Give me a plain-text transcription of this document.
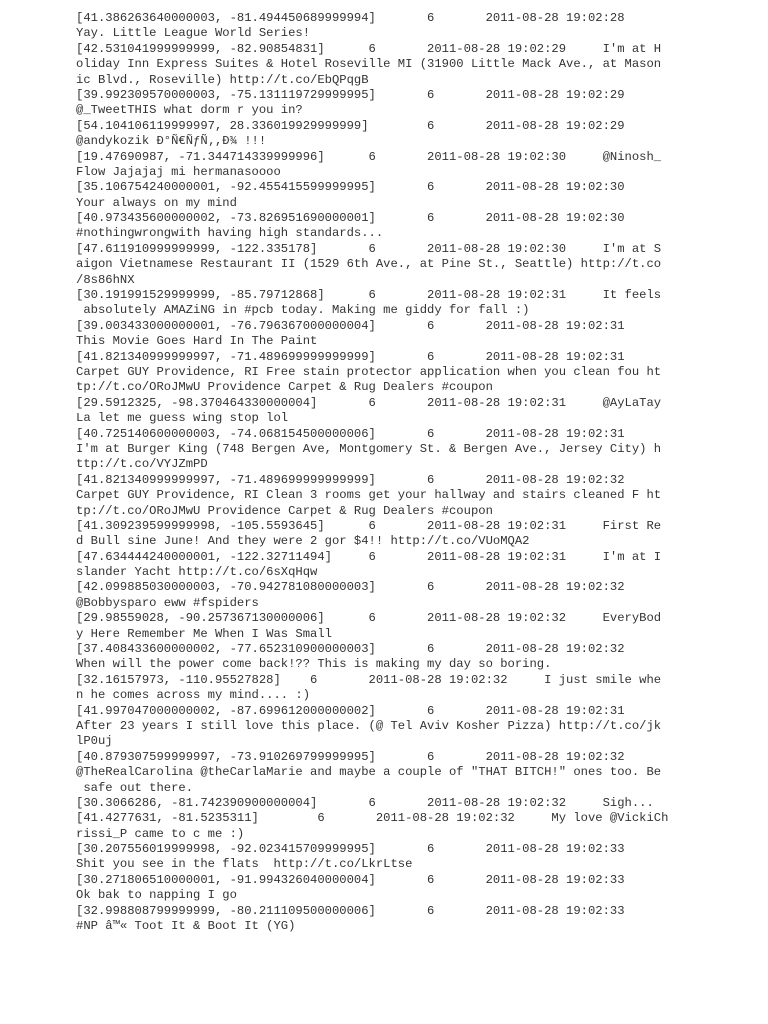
[41.386263640000003, -81.494450689999994]       6       2011-08-28 19:02:28
Yay. Little League World Series!
[42.531041999999999, -82.90854831]      6       2011-08-28 19:02:29     I'm at H
oliday Inn Express Suites & Hotel Roseville MI (31900 Little Mack Ave., at Mason
ic Blvd., Roseville) http://t.co/EbQPqgB
[39.992309570000003, -75.131119729999995]       6       2011-08-28 19:02:29
@_TweetTHIS what dorm r you in?
[54.104106119999997, 28.336019929999999]        6       2011-08-28 19:02:29
@andykozik Ð°Ñ€ÑƒÑ‚,Ð¾ !!!
[19.47690987, -71.344714339999996]      6       2011-08-28 19:02:30     @Ninosh_
Flow Jajajaj mi hermanasoooo
[35.106754240000001, -92.455415599999995]       6       2011-08-28 19:02:30
Your always on my mind
[40.973435600000002, -73.826951690000001]       6       2011-08-28 19:02:30
#nothingwrongwith having high standards...
[47.611910999999999, -122.335178]       6       2011-08-28 19:02:30     I'm at S
aigon Vietnamese Restaurant II (1529 6th Ave., at Pine St., Seattle) http://t.co
/8s86hNX
[30.191991529999999, -85.79712868]      6       2011-08-28 19:02:31     It feels
absolutely AMAZiNG in #pcb today. Making me giddy for fall :)
[39.003433000000001, -76.796367000000004]       6       2011-08-28 19:02:31
This Movie Goes Hard In The Paint
[41.821340999999997, -71.489699999999999]       6       2011-08-28 19:02:31
Carpet GUY Providence, RI Free stain protector application when you clean fou ht
tp://t.co/ORoJMwU Providence Carpet & Rug Dealers #coupon
[29.5912325, -98.370464330000004]       6       2011-08-28 19:02:31     @AyLaTay
La let me guess wing stop lol
[40.725140600000003, -74.068154500000006]       6       2011-08-28 19:02:31
I'm at Burger King (748 Bergen Ave, Montgomery St. & Bergen Ave., Jersey City) h
ttp://t.co/VYJZmPD
[41.821340999999997, -71.489699999999999]       6       2011-08-28 19:02:32
Carpet GUY Providence, RI Clean 3 rooms get your hallway and stairs cleaned F ht
tp://t.co/ORoJMwU Providence Carpet & Rug Dealers #coupon
[41.309239599999998, -105.5593645]      6       2011-08-28 19:02:31     First Re
d Bull sine June! And they were 2 gor $4!! http://t.co/VUoMQA2
[47.634444240000001, -122.32711494]     6       2011-08-28 19:02:31     I'm at I
slander Yacht http://t.co/6sXqHqw
[42.099885030000003, -70.942781080000003]       6       2011-08-28 19:02:32
@Bobbysparo eww #fspiders
[29.98559028, -90.257367130000006]      6       2011-08-28 19:02:32     EveryBod
y Here Remember Me When I Was Small
[37.408433600000002, -77.652310900000003]       6       2011-08-28 19:02:32
When will the power come back!?? This is making my day so boring.
[32.16157973, -110.95527828]    6       2011-08-28 19:02:32     I just smile whe
n he comes across my mind.... :)
[41.997047000000002, -87.699612000000002]       6       2011-08-28 19:02:31
After 23 years I still love this place. (@ Tel Aviv Kosher Pizza) http://t.co/jk
lP0uj
[40.879307599999997, -73.910269799999995]       6       2011-08-28 19:02:32
@TheRealCarolina @theCarlaMarie and maybe a couple of "THAT BITCH!" ones too. Be
safe out there.
[30.3066286, -81.742390900000004]       6       2011-08-28 19:02:32     Sigh...
[41.4277631, -81.5235311]        6       2011-08-28 19:02:32     My love @VickiCh
rissi_P came to c me :)
[30.207556019999998, -92.023415709999995]       6       2011-08-28 19:02:33
Shit you see in the flats  http://t.co/LkrLtse
[30.271806510000001, -91.994326040000004]       6       2011-08-28 19:02:33
Ok bak to napping I go
[32.998808799999999, -80.211109500000006]       6       2011-08-28 19:02:33
#NP â™« Toot It & Boot It (YG)
